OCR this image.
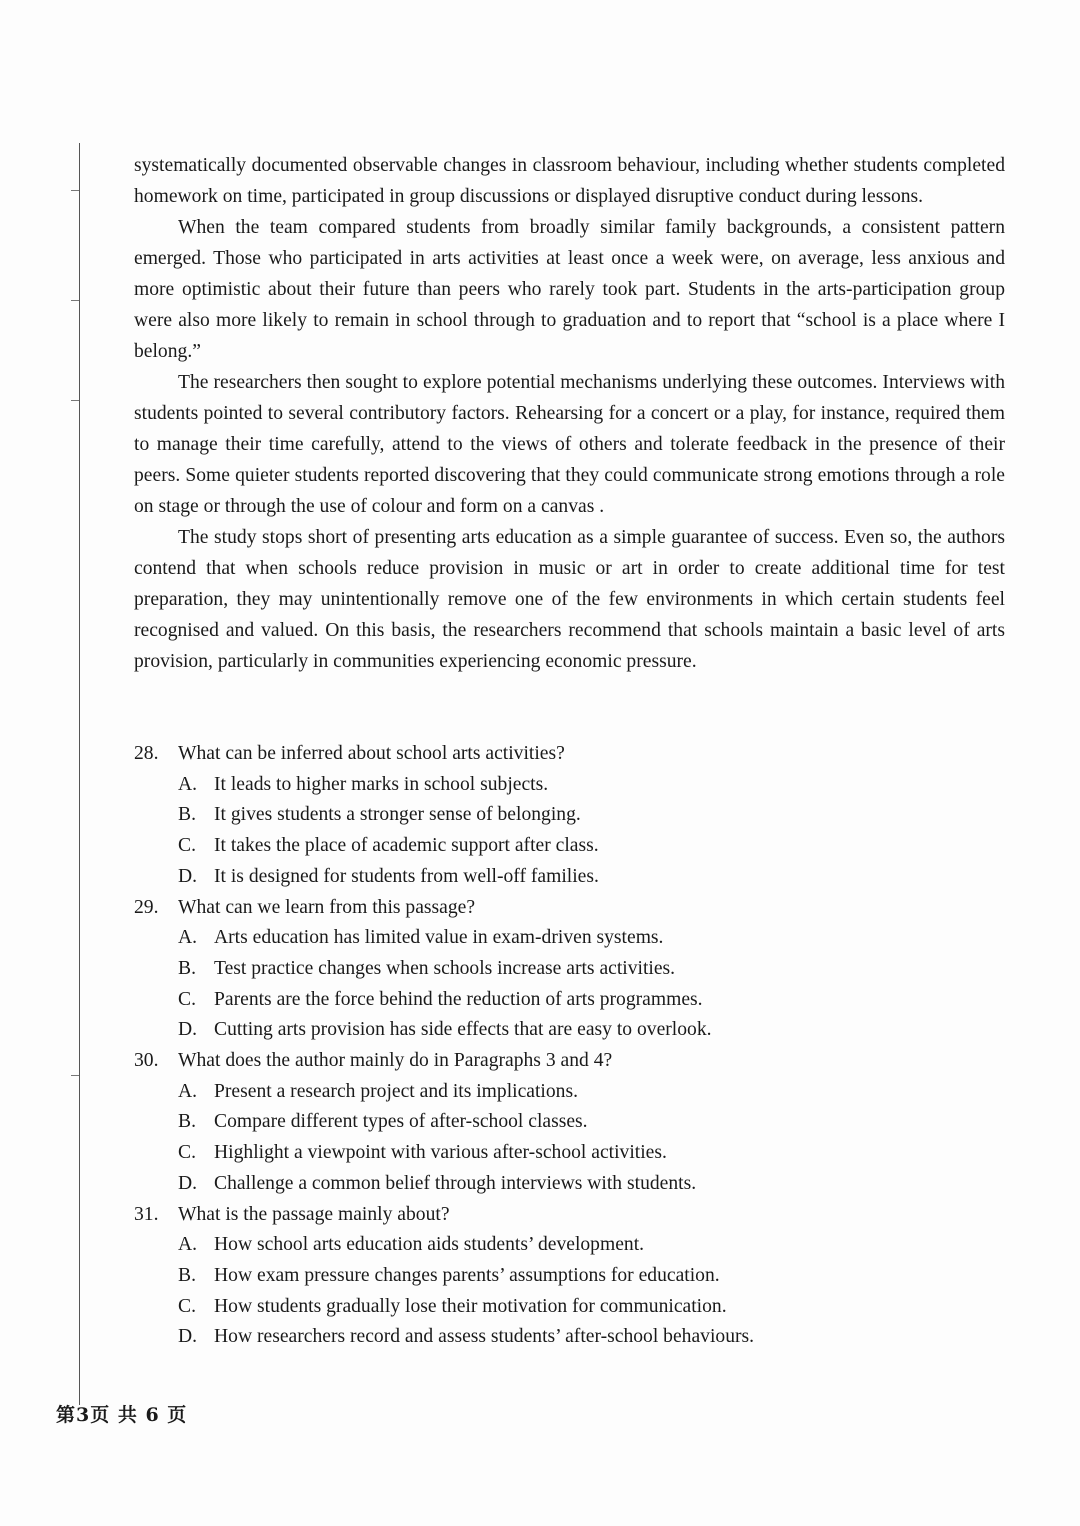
systematically documented observable changes in classroom behaviour, including whether students completed homework on time, participated in group discussions or displayed disruptive conduct during lessons.

When the team compared students from broadly similar family backgrounds, a consistent pattern emerged. Those who participated in arts activities at least once a week were, on average, less anxious and more optimistic about their future than peers who rarely took part. Students in the arts-participation group were also more likely to remain in school through to graduation and to report that “school is a place where I belong.”

The researchers then sought to explore potential mechanisms underlying these outcomes. Interviews with students pointed to several contributory factors. Rehearsing for a concert or a play, for instance, required them to manage their time carefully, attend to the views of others and tolerate feedback in the presence of their peers. Some quieter students reported discovering that they could communicate strong emotions through a role on stage or through the use of colour and form on a canvas .

The study stops short of presenting arts education as a simple guarantee of success. Even so, the authors contend that when schools reduce provision in music or art in order to create additional time for test preparation, they may unintentionally remove one of the few environments in which certain students feel recognised and valued. On this basis, the researchers recommend that schools maintain a basic level of arts provision, particularly in communities experiencing economic pressure.

28. What can be inferred about school arts activities?
A. It leads to higher marks in school subjects.
B. It gives students a stronger sense of belonging.
C. It takes the place of academic support after class.
D. It is designed for students from well-off families.
29. What can we learn from this passage?
A. Arts education has limited value in exam-driven systems.
B. Test practice changes when schools increase arts activities.
C. Parents are the force behind the reduction of arts programmes.
D. Cutting arts provision has side effects that are easy to overlook.
30. What does the author mainly do in Paragraphs 3 and 4?
A. Present a research project and its implications.
B. Compare different types of after-school classes.
C. Highlight a viewpoint with various after-school activities.
D. Challenge a common belief through interviews with students.
31. What is the passage mainly about?
A. How school arts education aids students’ development.
B. How exam pressure changes parents’ assumptions for education.
C. How students gradually lose their motivation for communication.
D. How researchers record and assess students’ after-school behaviours.
第3页 共 6 页
